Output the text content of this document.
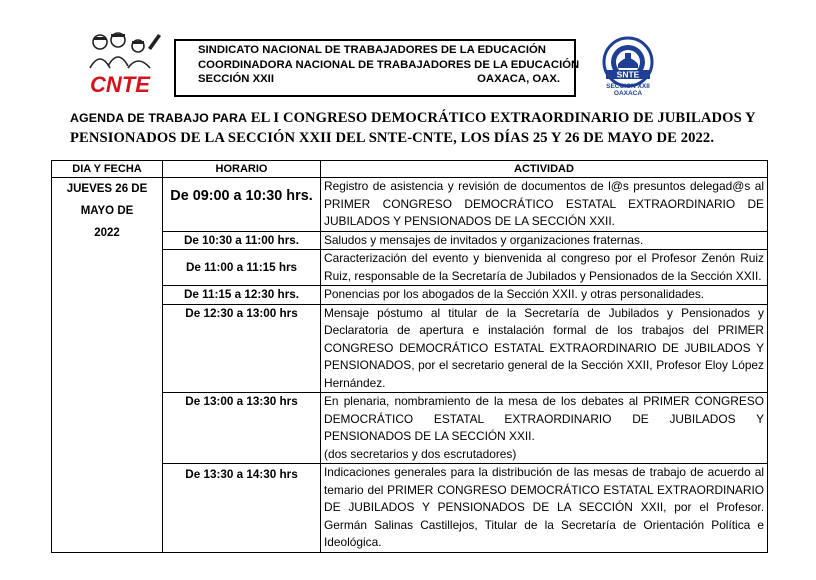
CNTE
SINDICATO NACIONAL DE TRABAJADORES DE LA EDUCACIÓN
COORDINADORA NACIONAL DE TRABAJADORES DE LA EDUCACIÓN
SECCIÓN XXII	OAXACA, OAX.	SNTE
SECCION XXII
OAXACA
AGENDA DE TRABAJO PARA EL I CONGRESO DEMOCRÁTICO EXTRAORDINARIO DE JUBILADOS Y
PENSIONADOS DE LA SECCIÓN XXII DEL SNTE-CNTE, LOS DÍAS 25 Y 26 DE MAYO DE 2022.
DIA Y FECHA	HORARIO	ACTIVIDAD

JUEVES 26 DE
MAYO DE
2022	De 09:00 a 10:30 hrs.	Registro de asistencia y revisión de documentos de l@s presuntos delegad@s al PRIMER CONGRESO DEMOCRÁTICO ESTATAL EXTRAORDINARIO DE JUBILADOS Y PENSIONADOS DE LA SECCIÓN XXII.
	De 10:30 a 11:00 hrs.	Saludos y mensajes de invitados y organizaciones fraternas.
	De 11:00 a 11:15 hrs	Caracterización del evento y bienvenida al congreso por el Profesor Zenón Ruiz Ruiz, responsable de la Secretaría de Jubilados y Pensionados de la Sección XXII.
	De 11:15 a 12:30 hrs.	Ponencias por los abogados de la Sección XXII. y otras personalidades.
	De 12:30 a 13:00 hrs	Mensaje póstumo al titular de la Secretaría de Jubilados y Pensionados y Declaratoria de apertura e instalación formal de los trabajos del PRIMER CONGRESO DEMOCRÁTICO ESTATAL EXTRAORDINARIO DE JUBILADOS Y PENSIONADOS, por el secretario general de la Sección XXII, Profesor Eloy López Hernández.
	De 13:00 a 13:30 hrs	En plenaria, nombramiento de la mesa de los debates al PRIMER CONGRESO DEMOCRÁTICO ESTATAL EXTRAORDINARIO DE JUBILADOS Y PENSIONADOS DE LA SECCIÓN XXII.
(dos secretarios y dos escrutadores)

	De 13:30 a 14:30 hrs	Indicaciones generales para la distribución de las mesas de trabajo de acuerdo al temario del PRIMER CONGRESO DEMOCRÁTICO ESTATAL EXTRAORDINARIO DE JUBILADOS Y PENSIONADOS DE LA SECCIÓN XXII, por el Profesor. Germán Salinas Castillejos, Titular de la Secretaría de Orientación Política e Ideológica.
